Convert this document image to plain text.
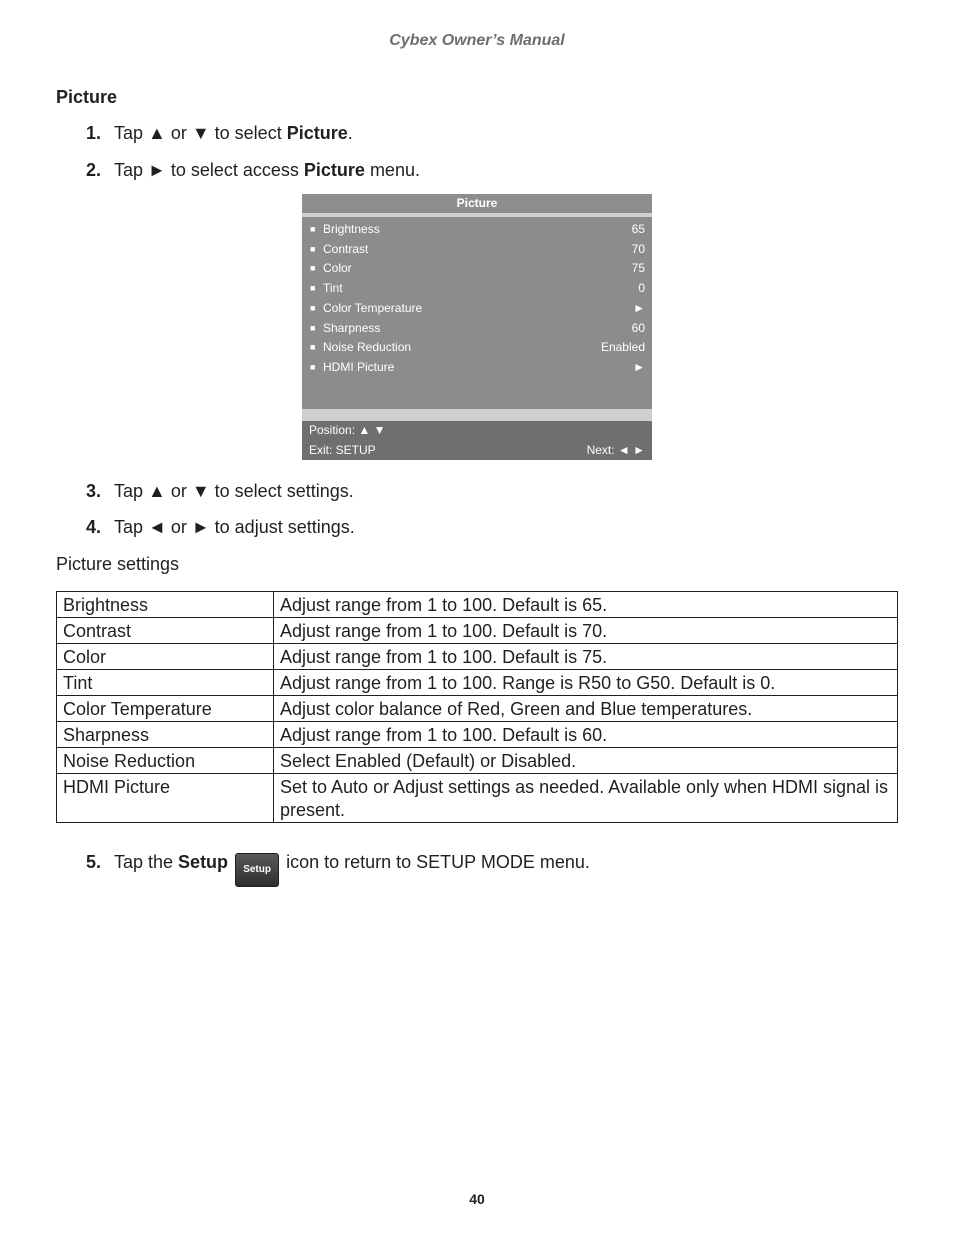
Cybex Owner’s Manual
Picture
1. Tap ▲ or ▼ to select Picture.
2. Tap ► to select access Picture menu.
Picture
■ Brightness	65
■ Contrast	70
■ Color	75
■ Tint	0
■ Color Temperature	►
■ Sharpness	60
■ Noise Reduction	Enabled
■ HDMI Picture	►
Position: ▲ ▼
Exit: SETUP	Next: ◄ ►
3. Tap ▲ or ▼ to select settings.
4. Tap ◄ or ► to adjust settings.
Picture settings
Brightness	Adjust range from 1 to 100. Default is 65.
Contrast	Adjust range from 1 to 100. Default is 70.
Color	Adjust range from 1 to 100. Default is 75.
Tint	Adjust range from 1 to 100. Range is R50 to G50. Default is 0.
Color Temperature	Adjust color balance of Red, Green and Blue temperatures.
Sharpness	Adjust range from 1 to 100. Default is 60.
Noise Reduction	Select Enabled (Default) or Disabled.
HDMI Picture	Set to Auto or Adjust settings as needed. Available only when HDMI signal is present.
5. Tap the Setup Setup icon to return to SETUP MODE menu.
40
